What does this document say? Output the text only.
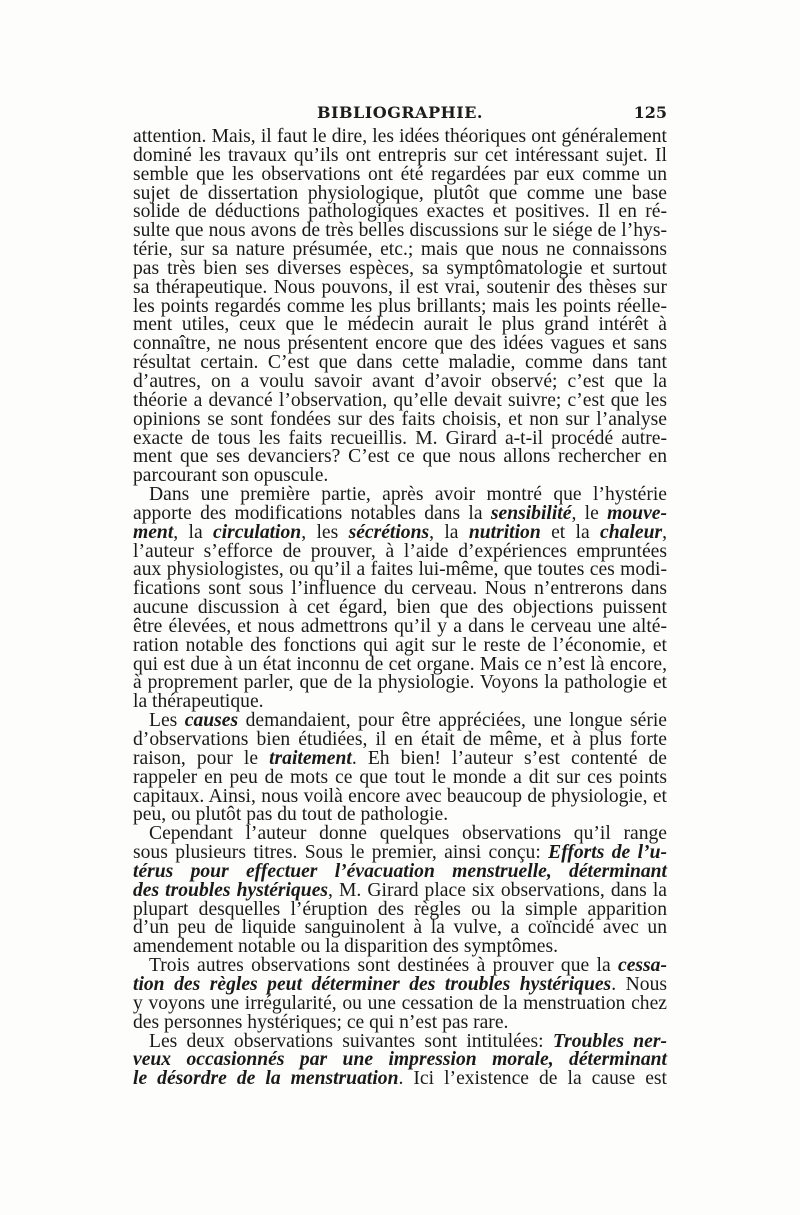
BIBLIOGRAPHIE.	125
attention. Mais, il faut le dire, les idées théoriques ont généralement
dominé les travaux qu’ils ont entrepris sur cet intéressant sujet. Il
semble que les observations ont été regardées par eux comme un
sujet de dissertation physiologique, plutôt que comme une base
solide de déductions pathologiques exactes et positives. Il en ré-
sulte que nous avons de très belles discussions sur le siége de l’hys-
térie, sur sa nature présumée, etc.; mais que nous ne connaissons
pas très bien ses diverses espèces, sa symptômatologie et surtout
sa thérapeutique. Nous pouvons, il est vrai, soutenir des thèses sur
les points regardés comme les plus brillants; mais les points réelle-
ment utiles, ceux que le médecin aurait le plus grand intérêt à
connaître, ne nous présentent encore que des idées vagues et sans
résultat certain. C’est que dans cette maladie, comme dans tant
d’autres, on a voulu savoir avant d’avoir observé; c’est que la
théorie a devancé l’observation, qu’elle devait suivre; c’est que les
opinions se sont fondées sur des faits choisis, et non sur l’analyse
exacte de tous les faits recueillis. M. Girard a-t-il procédé autre-
ment que ses devanciers? C’est ce que nous allons rechercher en
parcourant son opuscule.
Dans une première partie, après avoir montré que l’hystérie
apporte des modifications notables dans la sensibilité, le mouve-
ment, la circulation, les sécrétions, la nutrition et la chaleur,
l’auteur s’efforce de prouver, à l’aide d’expériences empruntées
aux physiologistes, ou qu’il a faites lui-même, que toutes ces modi-
fications sont sous l’influence du cerveau. Nous n’entrerons dans
aucune discussion à cet égard, bien que des objections puissent
être élevées, et nous admettrons qu’il y a dans le cerveau une alté-
ration notable des fonctions qui agit sur le reste de l’économie, et
qui est due à un état inconnu de cet organe. Mais ce n’est là encore,
à proprement parler, que de la physiologie. Voyons la pathologie et
la thérapeutique.
Les causes demandaient, pour être appréciées, une longue série
d’observations bien étudiées, il en était de même, et à plus forte
raison, pour le traitement. Eh bien! l’auteur s’est contenté de
rappeler en peu de mots ce que tout le monde a dit sur ces points
capitaux. Ainsi, nous voilà encore avec beaucoup de physiologie, et
peu, ou plutôt pas du tout de pathologie.
Cependant l’auteur donne quelques observations qu’il range
sous plusieurs titres. Sous le premier, ainsi conçu: Efforts de l’u-
térus pour effectuer l’évacuation menstruelle, déterminant
des troubles hystériques, M. Girard place six observations, dans la
plupart desquelles l’éruption des règles ou la simple apparition
d’un peu de liquide sanguinolent à la vulve, a coïncidé avec un
amendement notable ou la disparition des symptômes.
Trois autres observations sont destinées à prouver que la cessa-
tion des règles peut déterminer des troubles hystériques. Nous
y voyons une irrégularité, ou une cessation de la menstruation chez
des personnes hystériques; ce qui n’est pas rare.
Les deux observations suivantes sont intitulées: Troubles ner-
veux occasionnés par une impression morale, déterminant
le désordre de la menstruation. Ici l’existence de la cause est
